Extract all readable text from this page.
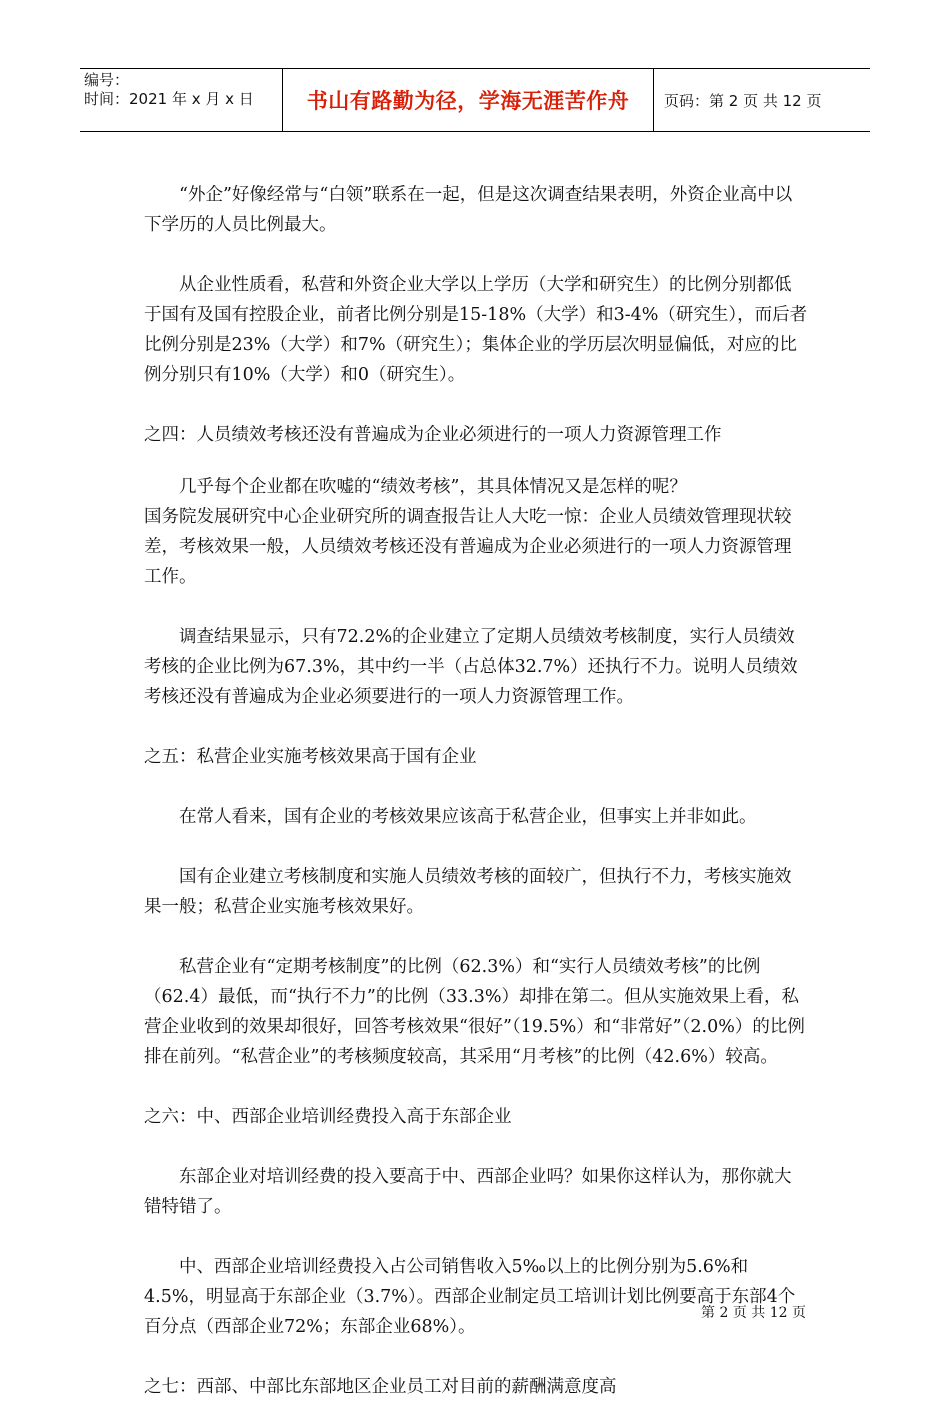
编号：
时间：2021 年 x 月 x 日	书山有路勤为径，学海无涯苦作舟	页码：第 2 页 共 12 页

“外企”好像经常与“白领”联系在一起，但是这次调查结果表明，外资企业高中以下学历的人员比例最大。

从企业性质看，私营和外资企业大学以上学历（大学和研究生）的比例分别都低于国有及国有控股企业，前者比例分别是15-18%（大学）和3-4%（研究生），而后者比例分别是23%（大学）和7%（研究生）；集体企业的学历层次明显偏低，对应的比例分别只有10%（大学）和0（研究生）。

之四：人员绩效考核还没有普遍成为企业必须进行的一项人力资源管理工作

几乎每个企业都在吹嘘的“绩效考核”，其具体情况又是怎样的呢？

国务院发展研究中心企业研究所的调查报告让人大吃一惊：企业人员绩效管理现状较差，考核效果一般，人员绩效考核还没有普遍成为企业必须进行的一项人力资源管理工作。

调查结果显示，只有72.2%的企业建立了定期人员绩效考核制度，实行人员绩效考核的企业比例为67.3%，其中约一半（占总体32.7%）还执行不力。说明人员绩效考核还没有普遍成为企业必须要进行的一项人力资源管理工作。

之五：私营企业实施考核效果高于国有企业

在常人看来，国有企业的考核效果应该高于私营企业，但事实上并非如此。

国有企业建立考核制度和实施人员绩效考核的面较广，但执行不力，考核实施效果一般；私营企业实施考核效果好。

私营企业有“定期考核制度”的比例（62.3%）和“实行人员绩效考核”的比例（62.4）最低，而“执行不力”的比例（33.3%）却排在第二。但从实施效果上看，私营企业收到的效果却很好，回答考核效果“很好”（19.5%）和“非常好”（2.0%）的比例排在前列。“私营企业”的考核频度较高，其采用“月考核”的比例（42.6%）较高。

之六：中、西部企业培训经费投入高于东部企业

东部企业对培训经费的投入要高于中、西部企业吗？如果你这样认为，那你就大错特错了。

中、西部企业培训经费投入占公司销售收入5‰以上的比例分别为5.6%和4.5%，明显高于东部企业（3.7%）。西部企业制定员工培训计划比例要高于东部4个百分点（西部企业72%；东部企业68%）。

之七：西部、中部比东部地区企业员工对目前的薪酬满意度高

第 2 页 共 12 页
